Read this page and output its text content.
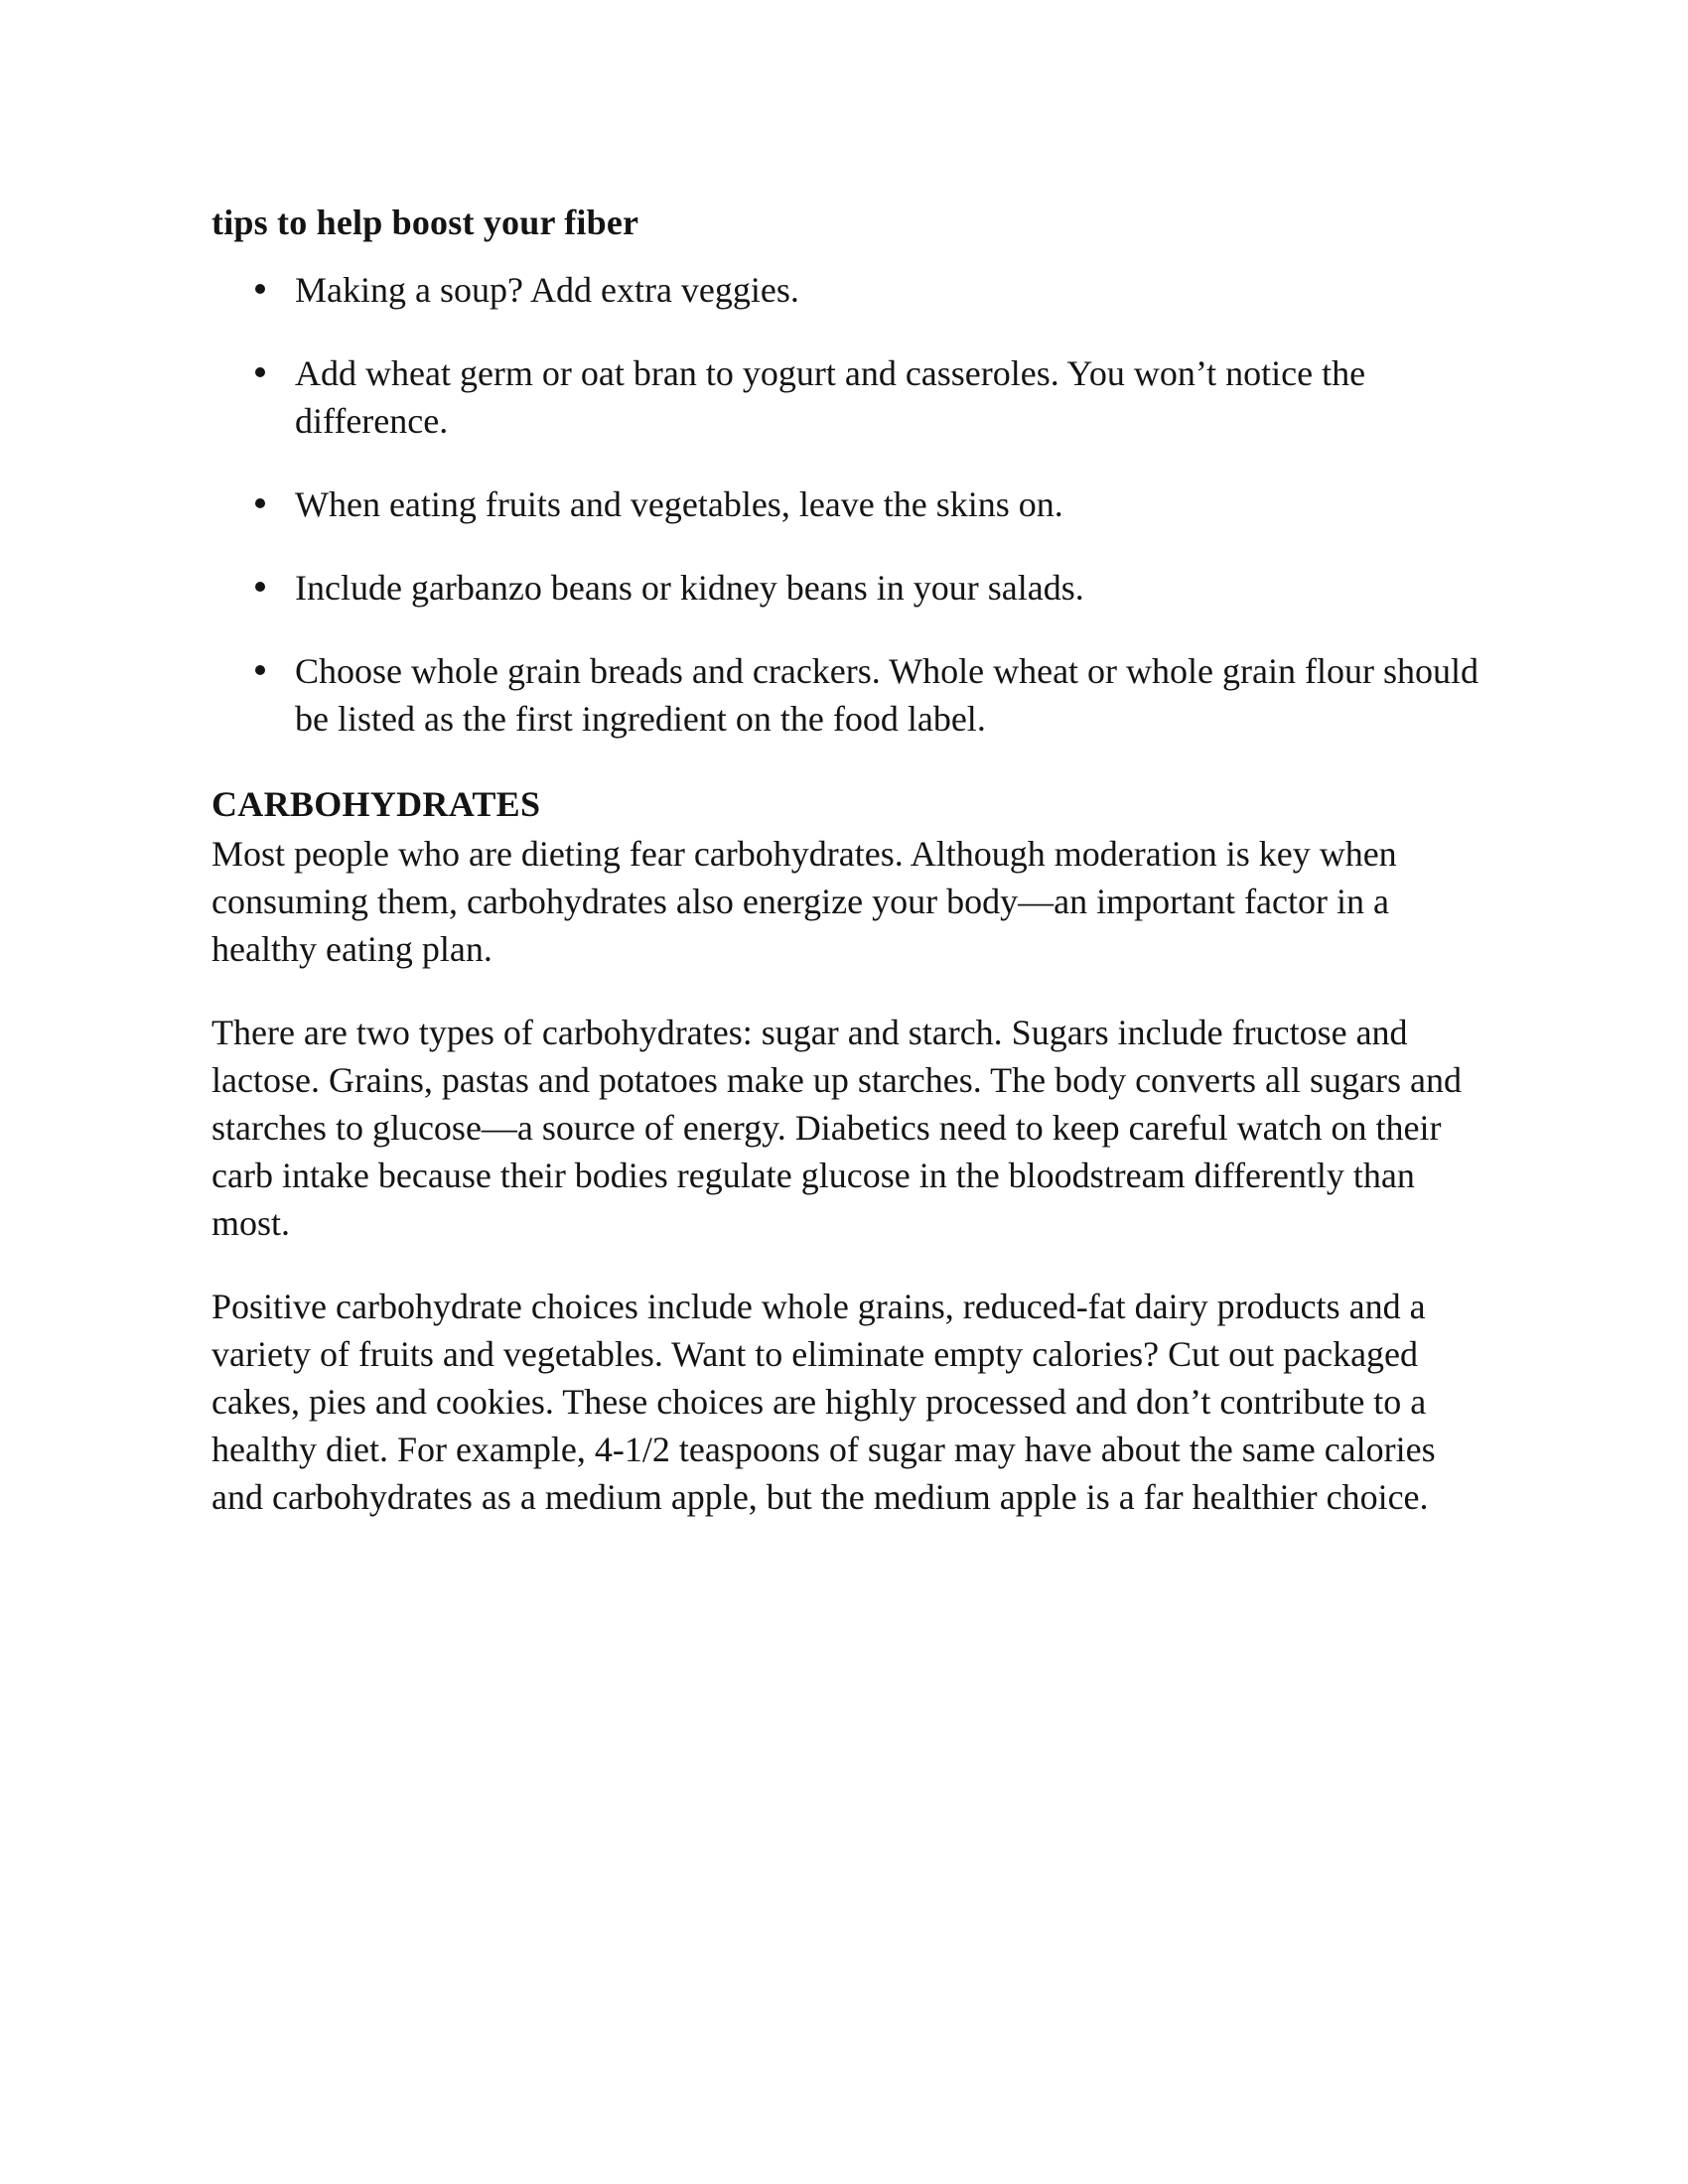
tips to help boost your fiber
Making a soup? Add extra veggies.
Add wheat germ or oat bran to yogurt and casseroles. You won’t notice the difference.
When eating fruits and vegetables, leave the skins on.
Include garbanzo beans or kidney beans in your salads.
Choose whole grain breads and crackers. Whole wheat or whole grain flour should be listed as the first ingredient on the food label.
CARBOHYDRATES

Most people who are dieting fear carbohydrates. Although moderation is key when consuming them, carbohydrates also energize your body—an important factor in a healthy eating plan.

There are two types of carbohydrates: sugar and starch. Sugars include fructose and lactose. Grains, pastas and potatoes make up starches. The body converts all sugars and starches to glucose—a source of energy. Diabetics need to keep careful watch on their carb intake because their bodies regulate glucose in the bloodstream differently than most.

Positive carbohydrate choices include whole grains, reduced-fat dairy products and a variety of fruits and vegetables. Want to eliminate empty calories? Cut out packaged cakes, pies and cookies. These choices are highly processed and don’t contribute to a healthy diet. For example, 4-1/2 teaspoons of sugar may have about the same calories and carbohydrates as a medium apple, but the medium apple is a far healthier choice.
